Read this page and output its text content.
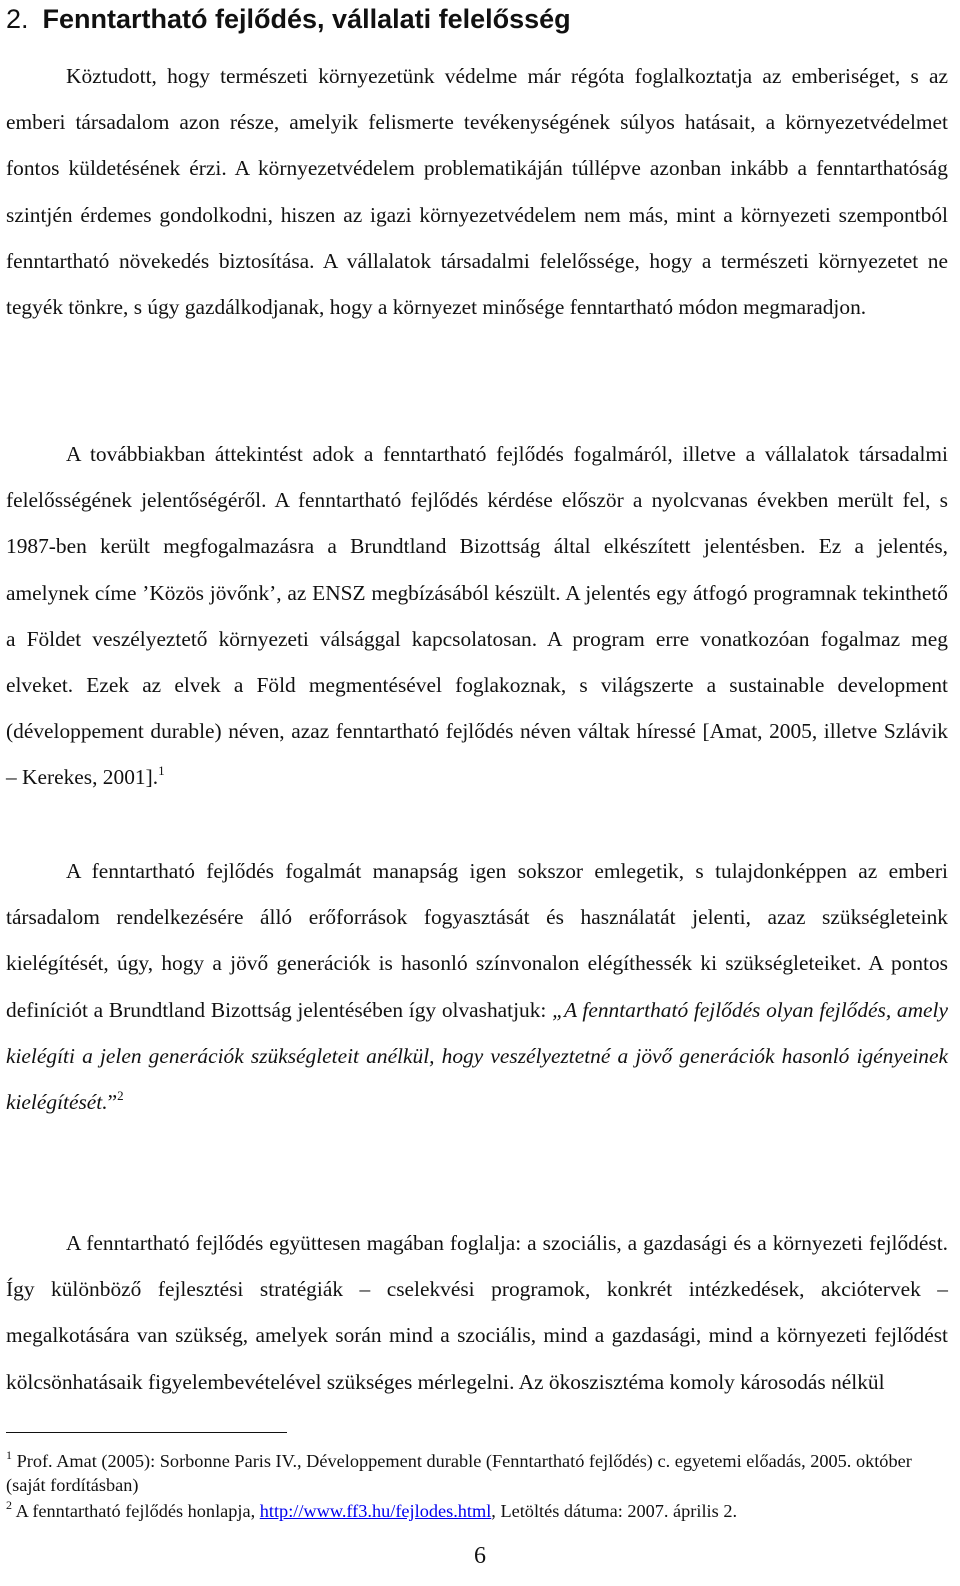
2. Fenntartható fejlődés, vállalati felelősség

Köztudott, hogy természeti környezetünk védelme már régóta foglalkoztatja az emberiséget, s az emberi társadalom azon része, amelyik felismerte tevékenységének súlyos hatásait, a környezetvédelmet fontos küldetésének érzi. A környezetvédelem problematikáján túllépve azonban inkább a fenntarthatóság szintjén érdemes gondolkodni, hiszen az igazi környezetvédelem nem más, mint a környezeti szempontból fenntartható növekedés biztosítása. A vállalatok társadalmi felelőssége, hogy a természeti környezetet ne tegyék tönkre, s úgy gazdálkodjanak, hogy a környezet minősége fenntartható módon megmaradjon.

A továbbiakban áttekintést adok a fenntartható fejlődés fogalmáról, illetve a vállalatok társadalmi felelősségének jelentőségéről. A fenntartható fejlődés kérdése először a nyolcvanas években merült fel, s 1987-ben került megfogalmazásra a Brundtland Bizottság által elkészített jelentésben. Ez a jelentés, amelynek címe ’Közös jövőnk’, az ENSZ megbízásából készült. A jelentés egy átfogó programnak tekinthető a Földet veszélyeztető környezeti válsággal kapcsolatosan. A program erre vonatkozóan fogalmaz meg elveket. Ezek az elvek a Föld megmentésével foglakoznak, s világszerte a sustainable development (développement durable) néven, azaz fenntartható fejlődés néven váltak híressé [Amat, 2005, illetve Szlávik – Kerekes, 2001].$^1$

A fenntartható fejlődés fogalmát manapság igen sokszor emlegetik, s tulajdonképpen az emberi társadalom rendelkezésére álló erőforrások fogyasztását és használatát jelenti, azaz szükségleteink kielégítését, úgy, hogy a jövő generációk is hasonló színvonalon elégíthessék ki szükségleteiket. A pontos definíciót a Brundtland Bizottság jelentésében így olvashatjuk: „A fenntartható fejlődés olyan fejlődés, amely kielégíti a jelen generációk szükségleteit anélkül, hogy veszélyeztetné a jövő generációk hasonló igényeinek kielégítését.”$^2$

A fenntartható fejlődés együttesen magában foglalja: a szociális, a gazdasági és a környezeti fejlődést. Így különböző fejlesztési stratégiák – cselekvési programok, konkrét intézkedések, akciótervek – megalkotására van szükség, amelyek során mind a szociális, mind a gazdasági, mind a környezeti fejlődést kölcsönhatásaik figyelembevételével szükséges mérlegelni. Az ökoszisztéma komoly károsodás nélkül

$^1$ Prof. Amat (2005): Sorbonne Paris IV., Développement durable (Fenntartható fejlődés) c. egyetemi előadás, 2005. október (saját fordításban)

$^2$ A fenntartható fejlődés honlapja, http://www.ff3.hu/fejlodes.html, Letöltés dátuma: 2007. április 2.

6
